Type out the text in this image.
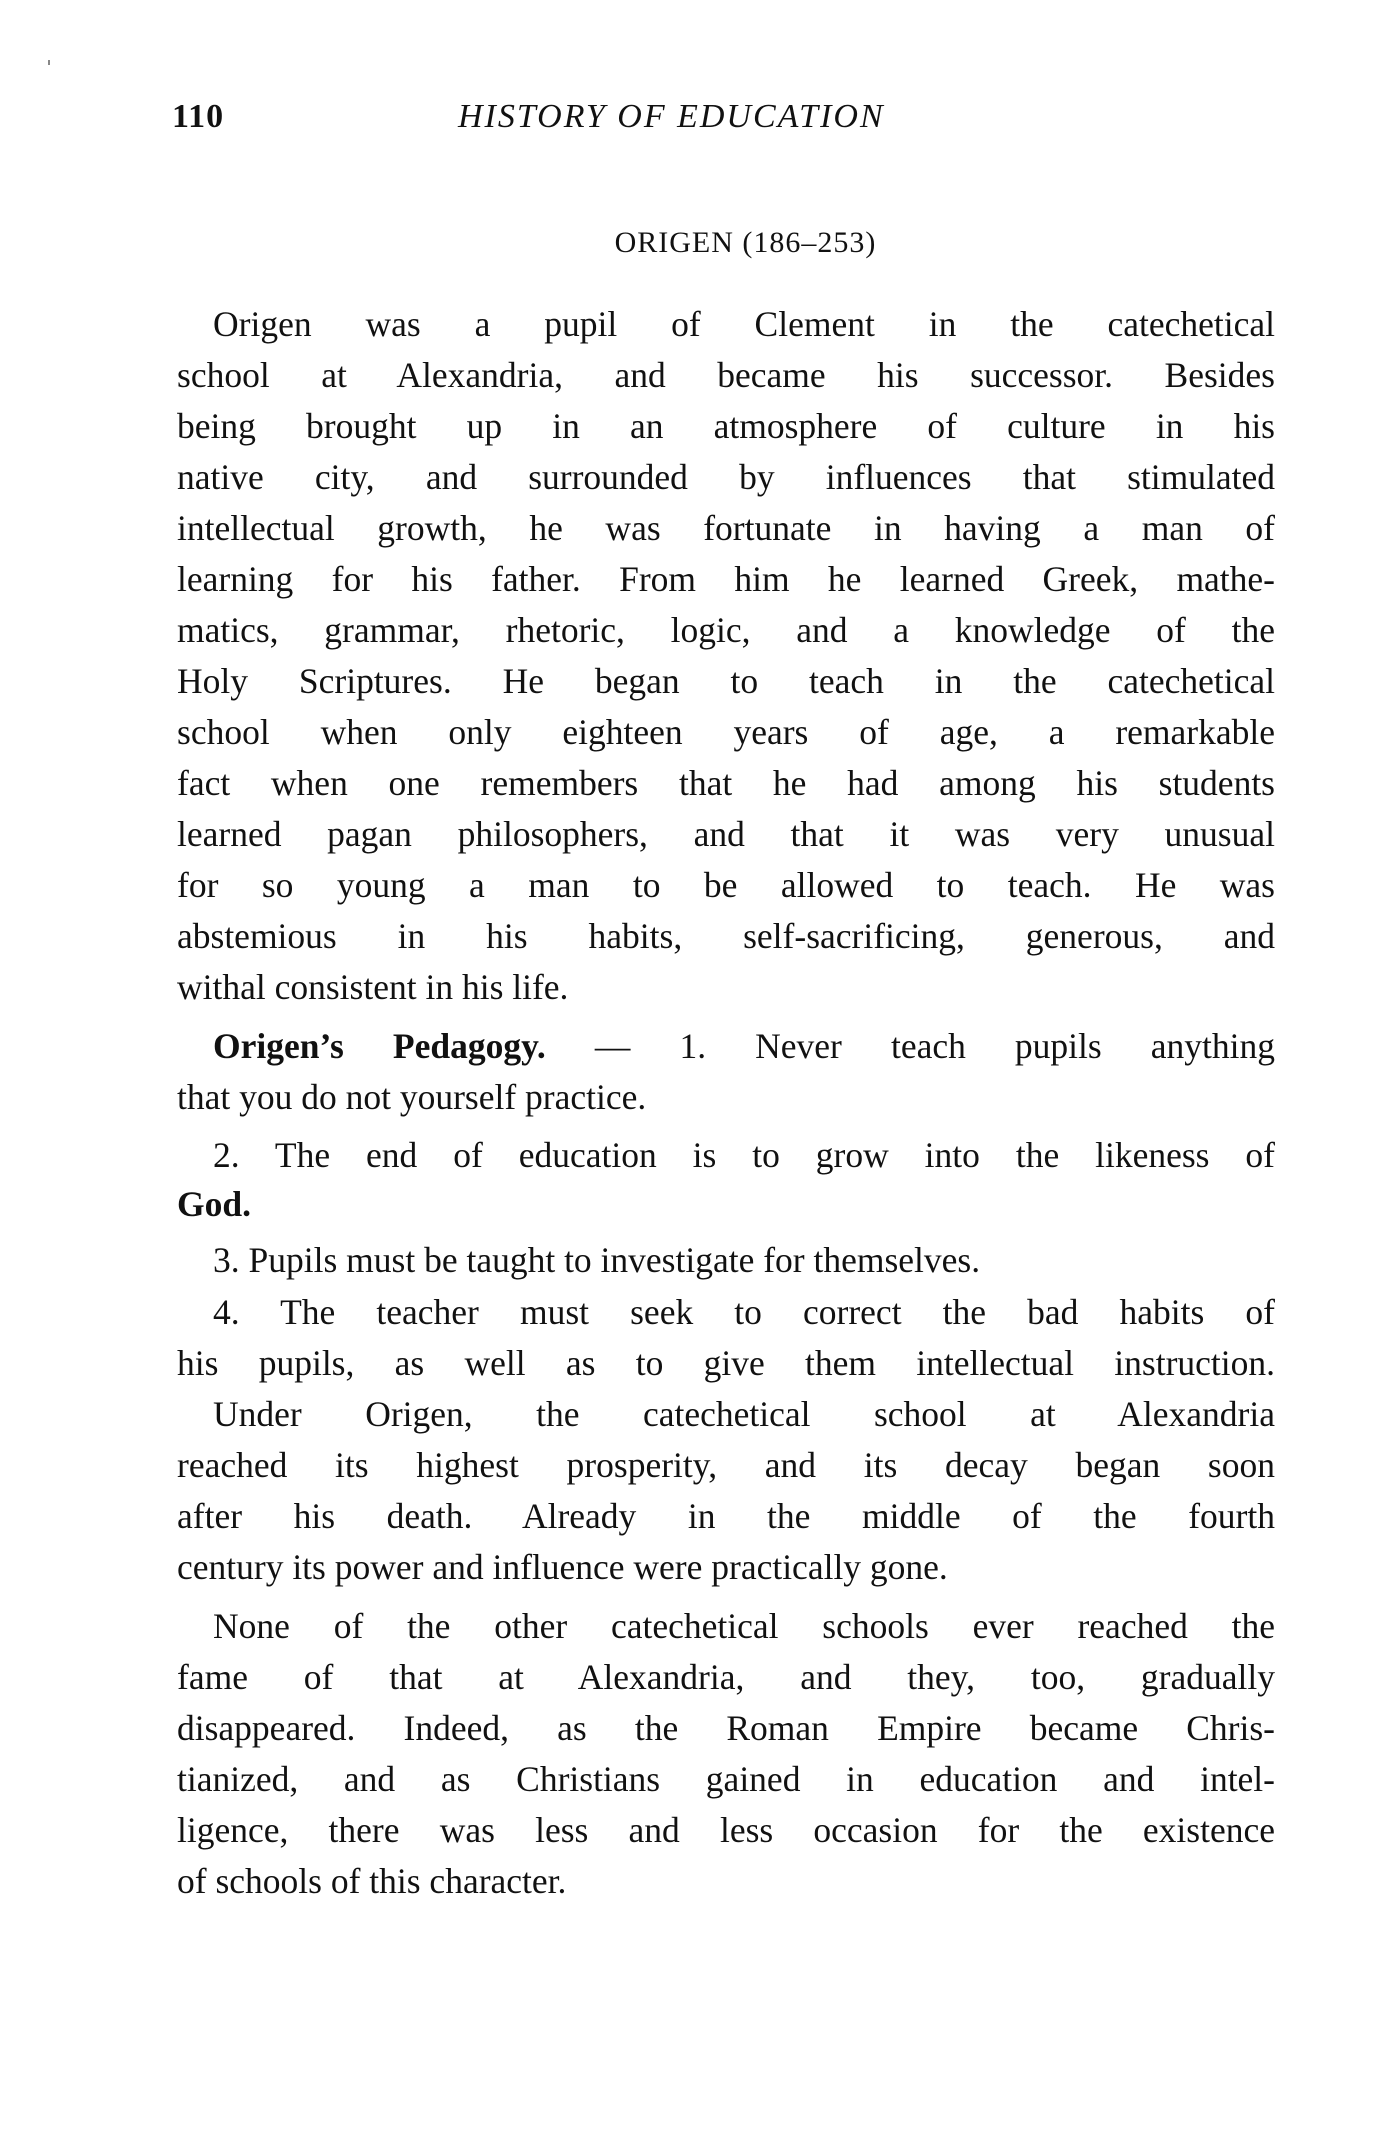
110	HISTORY OF EDUCATION
ORIGEN (186–253)
Origen was a pupil of Clement in the catechetical
school at Alexandria, and became his successor. Besides
being brought up in an atmosphere of culture in his
native city, and surrounded by influences that stimulated
intellectual growth, he was fortunate in having a man of
learning for his father. From him he learned Greek, mathe-
matics, grammar, rhetoric, logic, and a knowledge of the
Holy Scriptures. He began to teach in the catechetical
school when only eighteen years of age, a remarkable
fact when one remembers that he had among his students
learned pagan philosophers, and that it was very unusual
for so young a man to be allowed to teach. He was
abstemious in his habits, self-sacrificing, generous, and
withal consistent in his life.
Origen’s Pedagogy. — 1. Never teach pupils anything
that you do not yourself practice.
2. The end of education is to grow into the likeness of
God.
3. Pupils must be taught to investigate for themselves.
4. The teacher must seek to correct the bad habits of
his pupils, as well as to give them intellectual instruction.
Under Origen, the catechetical school at Alexandria
reached its highest prosperity, and its decay began soon
after his death. Already in the middle of the fourth
century its power and influence were practically gone.
None of the other catechetical schools ever reached the
fame of that at Alexandria, and they, too, gradually
disappeared. Indeed, as the Roman Empire became Chris-
tianized, and as Christians gained in education and intel-
ligence, there was less and less occasion for the existence
of schools of this character.
